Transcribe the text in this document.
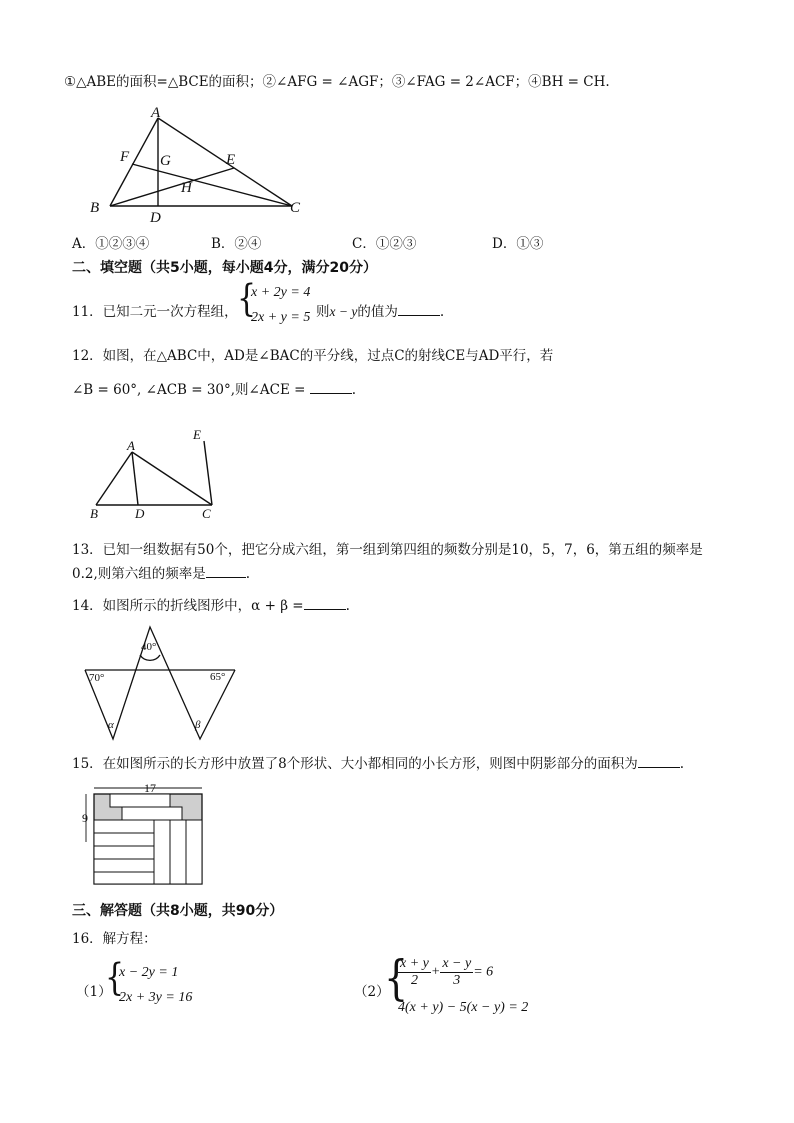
①△ABE的面积=△BCE的面积；②∠AFG = ∠AGF；③∠FAG = 2∠ACF；④BH = CH.
A
B	C
D
E
F G
H
A．①②③④	B．②④	C．①②③	D．①③
二、填空题（共5小题，每小题4分，满分20分）
11．已知二元一次方程组， {
x + 2y = 4
2x + y = 5 则x − y的值为	.
12．如图，在△ABC中，AD是∠BAC的平分线，过点C的射线CE与AD平行，若
∠B = 60°, ∠ACB = 30°,则∠ACE =	.
A
B	D	C
E
13．已知一组数据有50个，把它分成六组，第一组到第四组的频数分别是10，5，7，6，第五组的频率是
0.2,则第六组的频率是	.
14．如图所示的折线图形中，α + β =	.
40°
70°	65°
α	β
15．在如图所示的长方形中放置了8个形状、大小都相同的小长方形，则图中阴影部分的面积为	.
17
9
三、解答题（共8小题，共90分）
16．解方程：
（1）
{
x − 2y = 1
2x + 3y = 16	（2）
{
$\frac{x + y}{2} + \frac{x - y}{3} = 6$
4(x + y) − 5(x − y) = 2
